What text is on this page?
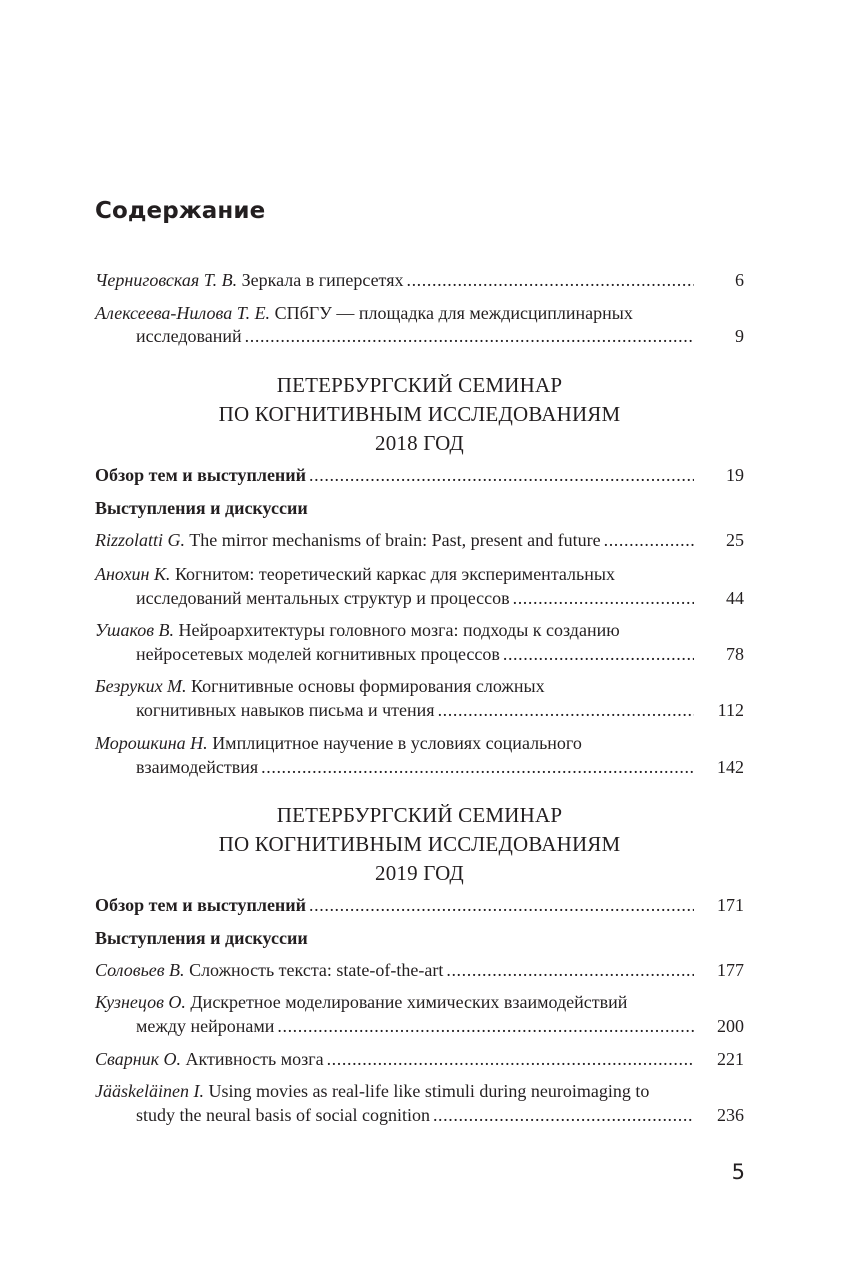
Содержание
Черниговская Т. В. Зеркала в гиперсетях .....	6
Алексеева-Нилова Т. Е. СПбГУ — площадка для междисциплинарных
исследований .....	9
ПЕТЕРБУРГСКИЙ СЕМИНАР
ПО КОГНИТИВНЫМ ИССЛЕДОВАНИЯМ
2018 ГОД
Обзор тем и выступлений .....	19
Выступления и дискуссии
Rizzolatti G. The mirror mechanisms of brain: Past, present and future .....	25
Анохин К. Когнитом: теоретический каркас для экспериментальных
исследований ментальных структур и процессов .....	44
Ушаков В. Нейроархитектуры головного мозга: подходы к созданию
нейросетевых моделей когнитивных процессов .....	78
Безруких М. Когнитивные основы формирования сложных
когнитивных навыков письма и чтения .....	112
Морошкина Н. Имплицитное научение в условиях социального
взаимодействия .....	142
ПЕТЕРБУРГСКИЙ СЕМИНАР
ПО КОГНИТИВНЫМ ИССЛЕДОВАНИЯМ
2019 ГОД
Обзор тем и выступлений .....	171
Выступления и дискуссии
Соловьев В. Сложность текста: state-of-the-art .....	177
Кузнецов О. Дискретное моделирование химических взаимодействий
между нейронами .....	200
Сварник О. Активность мозга .....	221
Jääskeläinen I. Using movies as real-life like stimuli during neuroimaging to
study the neural basis of social cognition .....	236
5
